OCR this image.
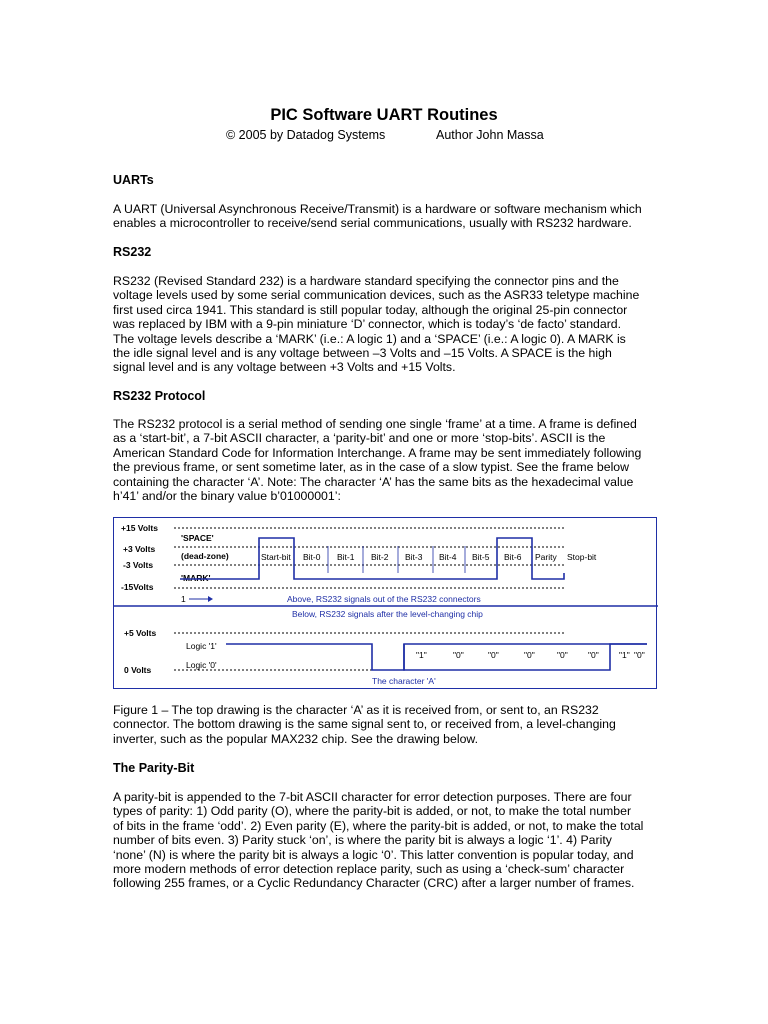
PIC Software UART Routines
© 2005 by Datadog Systems	Author John Massa
UARTs
A UART (Universal Asynchronous Receive/Transmit) is a hardware or software mechanism which
enables a microcontroller to receive/send serial communications, usually with RS232 hardware.
RS232
RS232 (Revised Standard 232) is a hardware standard specifying the connector pins and the
voltage levels used by some serial communication devices, such as the ASR33 teletype machine
first used circa 1941. This standard is still popular today, although the original 25-pin connector
was replaced by IBM with a 9-pin miniature ‘D’ connector, which is today’s ‘de facto’ standard.
The voltage levels describe a ‘MARK’ (i.e.: A logic 1) and a ‘SPACE’ (i.e.: A logic 0). A MARK is
the idle signal level and is any voltage between –3 Volts and –15 Volts. A SPACE is the high
signal level and is any voltage between +3 Volts and +15 Volts.
RS232 Protocol
The RS232 protocol is a serial method of sending one single ‘frame’ at a time. A frame is defined
as a ‘start-bit’, a 7-bit ASCII character, a ‘parity-bit’ and one or more ‘stop-bits’. ASCII is the
American Standard Code for Information Interchange. A frame may be sent immediately following
the previous frame, or sent sometime later, as in the case of a slow typist. See the frame below
containing the character ‘A’. Note: The character ‘A’ has the same bits as the hexadecimal value
h’41’ and/or the binary value b’01000001’:
+15 Volts
+3 Volts
-3 Volts
-15Volts
'SPACE'
(dead-zone)
'MARK'
Start-bit Bit-0 Bit-1 Bit-2 Bit-3 Bit-4 Bit-5 Bit-6 Parity Stop-bit
1	Above, RS232 signals out of the RS232 connectors
Below, RS232 signals after the level-changing chip
+5 Volts
0 Volts
Logic '1'
Logic '0'
"1"	"0"	"0"	"0"	"0" "0" "1" "0"
The character 'A'
Figure 1 – The top drawing is the character ‘A’ as it is received from, or sent to, an RS232
connector. The bottom drawing is the same signal sent to, or received from, a level-changing
inverter, such as the popular MAX232 chip. See the drawing below.
The Parity-Bit
A parity-bit is appended to the 7-bit ASCII character for error detection purposes. There are four
types of parity: 1) Odd parity (O), where the parity-bit is added, or not, to make the total number
of bits in the frame ‘odd’. 2) Even parity (E), where the parity-bit is added, or not, to make the total
number of bits even. 3) Parity stuck ‘on’, is where the parity bit is always a logic ‘1’. 4) Parity
‘none’ (N) is where the parity bit is always a logic ‘0’. This latter convention is popular today, and
more modern methods of error detection replace parity, such as using a ‘check-sum’ character
following 255 frames, or a Cyclic Redundancy Character (CRC) after a larger number of frames.
